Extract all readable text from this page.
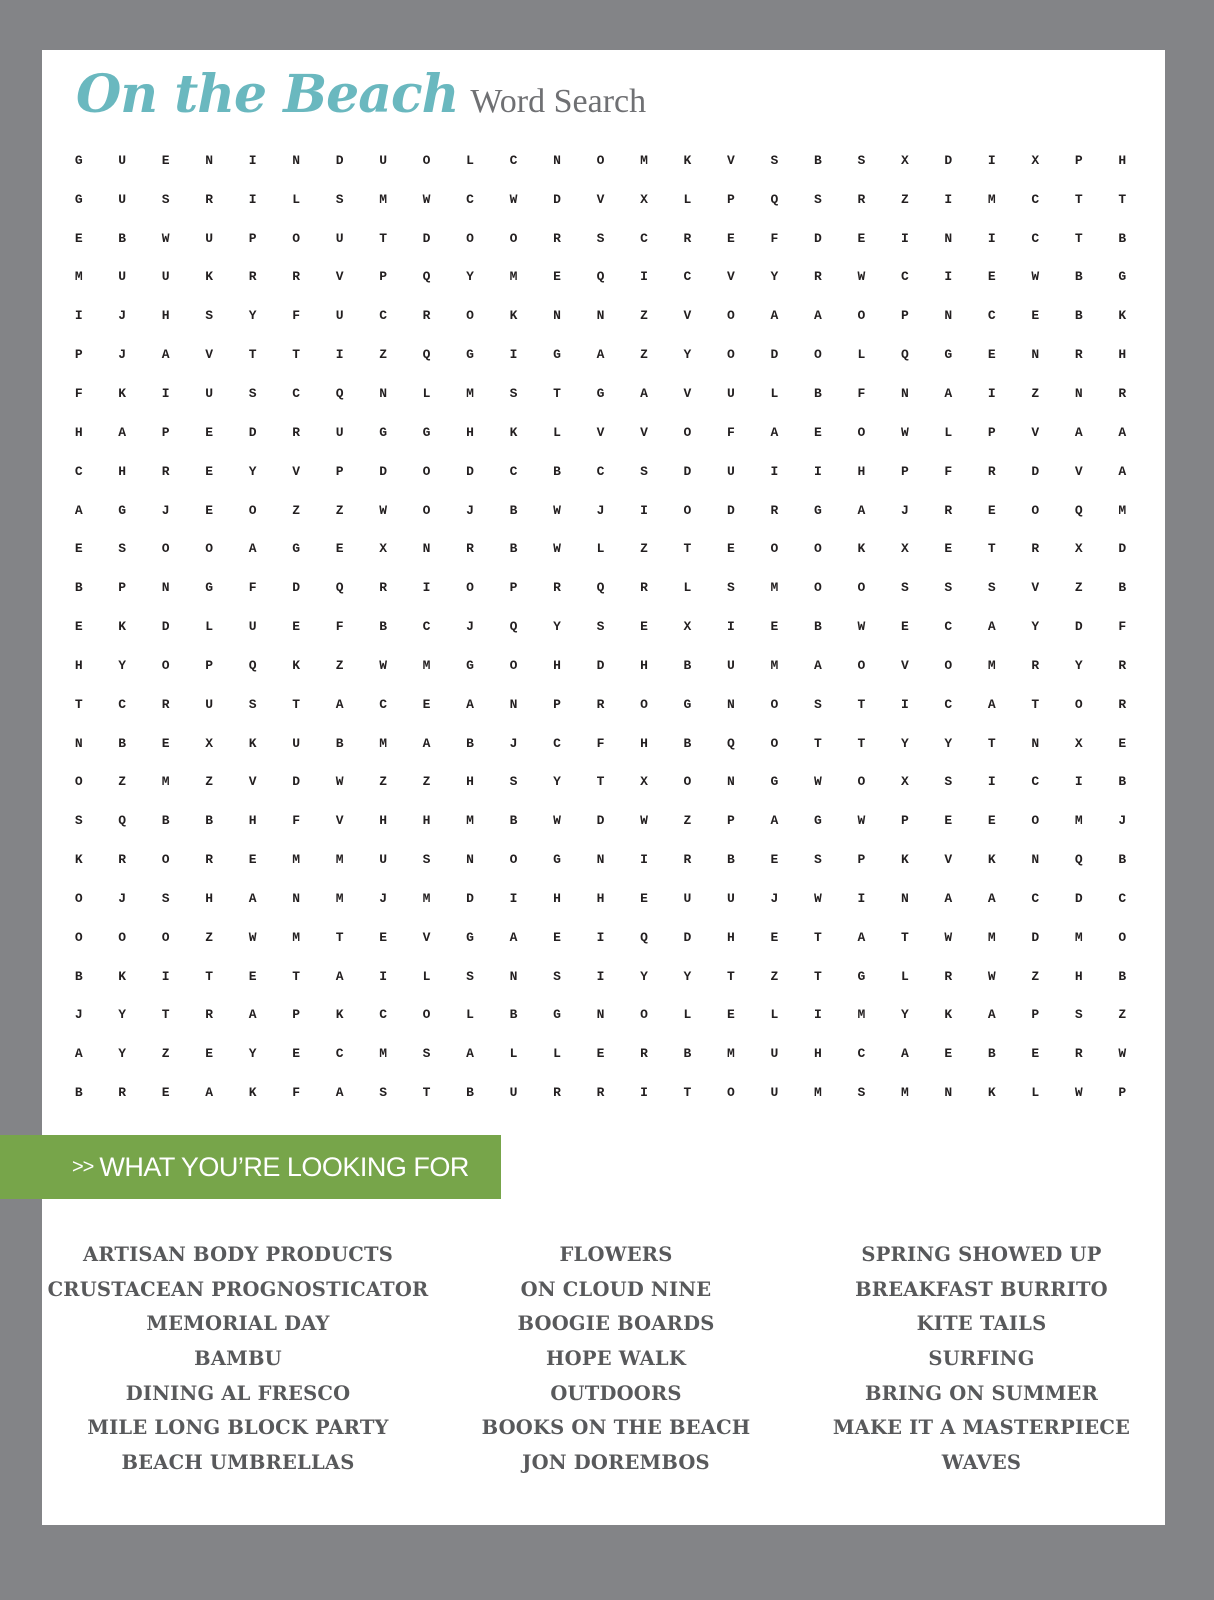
On the Beach Word Search
G	U	E	N	I	N	D	U	O	L	C	N	O	M	K	V	S	B	S	X	D	I	X	P	H
G	U	S	R	I	L	S	M	W	C	W	D	V	X	L	P	Q	S	R	Z	I	M	C	T	T
E	B	W	U	P	O	U	T	D	O	O	R	S	C	R	E	F	D	E	I	N	I	C	T	B
M	U	U	K	R	R	V	P	Q	Y	M	E	Q	I	C	V	Y	R	W	C	I	E	W	B	G
I	J	H	S	Y	F	U	C	R	O	K	N	N	Z	V	O	A	A	O	P	N	C	E	B	K
P	J	A	V	T	T	I	Z	Q	G	I	G	A	Z	Y	O	D	O	L	Q	G	E	N	R	H
F	K	I	U	S	C	Q	N	L	M	S	T	G	A	V	U	L	B	F	N	A	I	Z	N	R
H	A	P	E	D	R	U	G	G	H	K	L	V	V	O	F	A	E	O	W	L	P	V	A	A
C	H	R	E	Y	V	P	D	O	D	C	B	C	S	D	U	I	I	H	P	F	R	D	V	A
A	G	J	E	O	Z	Z	W	O	J	B	W	J	I	O	D	R	G	A	J	R	E	O	Q	M
E	S	O	O	A	G	E	X	N	R	B	W	L	Z	T	E	O	O	K	X	E	T	R	X	D
B	P	N	G	F	D	Q	R	I	O	P	R	Q	R	L	S	M	O	O	S	S	S	V	Z	B
E	K	D	L	U	E	F	B	C	J	Q	Y	S	E	X	I	E	B	W	E	C	A	Y	D	F
H	Y	O	P	Q	K	Z	W	M	G	O	H	D	H	B	U	M	A	O	V	O	M	R	Y	R
T	C	R	U	S	T	A	C	E	A	N	P	R	O	G	N	O	S	T	I	C	A	T	O	R
N	B	E	X	K	U	B	M	A	B	J	C	F	H	B	Q	O	T	T	Y	Y	T	N	X	E
O	Z	M	Z	V	D	W	Z	Z	H	S	Y	T	X	O	N	G	W	O	X	S	I	C	I	B
S	Q	B	B	H	F	V	H	H	M	B	W	D	W	Z	P	A	G	W	P	E	E	O	M	J
K	R	O	R	E	M	M	U	S	N	O	G	N	I	R	B	E	S	P	K	V	K	N	Q	B
O	J	S	H	A	N	M	J	M	D	I	H	H	E	U	U	J	W	I	N	A	A	C	D	C
O	O	O	Z	W	M	T	E	V	G	A	E	I	Q	D	H	E	T	A	T	W	M	D	M	O
B	K	I	T	E	T	A	I	L	S	N	S	I	Y	Y	T	Z	T	G	L	R	W	Z	H	B
J	Y	T	R	A	P	K	C	O	L	B	G	N	O	L	E	L	I	M	Y	K	A	P	S	Z
A	Y	Z	E	Y	E	C	M	S	A	L	L	E	R	B	M	U	H	C	A	E	B	E	R	W
B	R	E	A	K	F	A	S	T	B	U	R	R	I	T	O	U	M	S	M	N	K	L	W	P
>> WHAT YOU’RE LOOKING FOR
ARTISAN BODY PRODUCTS
CRUSTACEAN PROGNOSTICATOR
MEMORIAL DAY
BAMBU
DINING AL FRESCO
MILE LONG BLOCK PARTY
BEACH UMBRELLAS
FLOWERS
ON CLOUD NINE
BOOGIE BOARDS
HOPE WALK
OUTDOORS
BOOKS ON THE BEACH
JON DOREMBOS
SPRING SHOWED UP
BREAKFAST BURRITO
KITE TAILS
SURFING
BRING ON SUMMER
MAKE IT A MASTERPIECE
WAVES
